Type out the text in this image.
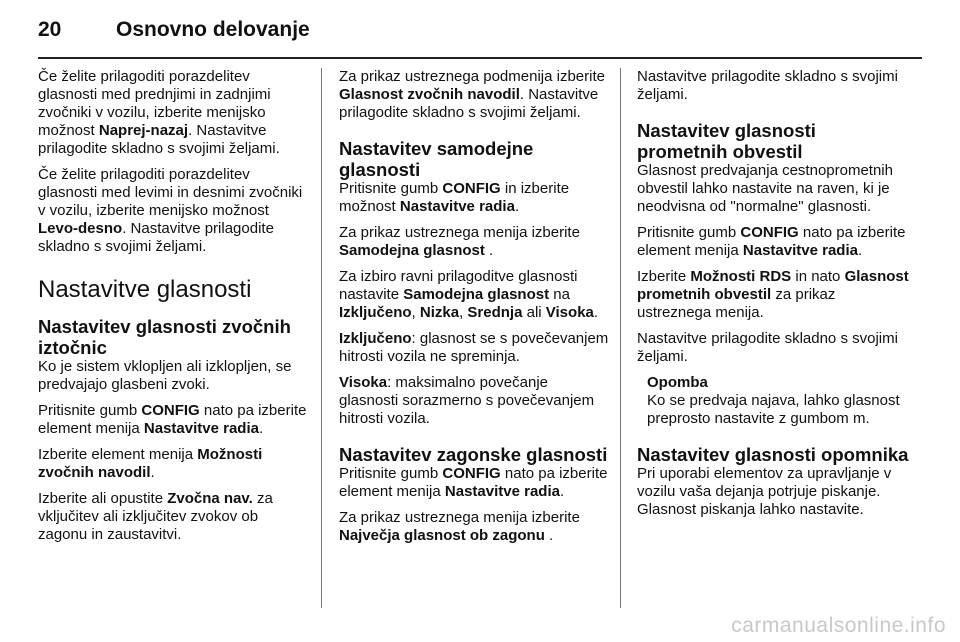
20	Osnovno delovanje

Če želite prilagoditi porazdelitev glasnosti med prednjimi in zadnjimi zvočniki v vozilu, izberite menijsko možnost Naprej-nazaj. Nastavitve prilagodite skladno s svojimi željami.

Če želite prilagoditi porazdelitev glasnosti med levimi in desnimi zvočniki v vozilu, izberite menijsko možnost Levo-desno. Nastavitve prilagodite skladno s svojimi željami.

Nastavitve glasnosti
Nastavitev glasnosti zvočnih iztočnic

Ko je sistem vklopljen ali izklopljen, se predvajajo glasbeni zvoki.

Pritisnite gumb CONFIG nato pa izberite element menija Nastavitve radia.

Izberite element menija Možnosti zvočnih navodil.

Izberite ali opustite Zvočna nav. za vključitev ali izključitev zvokov ob zagonu in zaustavitvi.

Za prikaz ustreznega podmenija izberite Glasnost zvočnih navodil. Nastavitve prilagodite skladno s svojimi željami.

Nastavitev samodejne glasnosti

Pritisnite gumb CONFIG in izberite možnost Nastavitve radia.

Za prikaz ustreznega menija izberite Samodejna glasnost .

Za izbiro ravni prilagoditve glasnosti nastavite Samodejna glasnost na Izključeno, Nizka, Srednja ali Visoka.

Izključeno: glasnost se s povečevanjem hitrosti vozila ne spreminja.

Visoka: maksimalno povečanje glasnosti sorazmerno s povečevanjem hitrosti vozila.

Nastavitev zagonske glasnosti

Pritisnite gumb CONFIG nato pa izberite element menija Nastavitve radia.

Za prikaz ustreznega menija izberite Največja glasnost ob zagonu .

Nastavitve prilagodite skladno s svojimi željami.

Nastavitev glasnosti prometnih obvestil

Glasnost predvajanja cestnoprometnih obvestil lahko nastavite na raven, ki je neodvisna od "normalne" glasnosti.

Pritisnite gumb CONFIG nato pa izberite element menija Nastavitve radia.

Izberite Možnosti RDS in nato Glasnost prometnih obvestil za prikaz ustreznega menija.

Nastavitve prilagodite skladno s svojimi željami.

Opomba

Ko se predvaja najava, lahko glasnost preprosto nastavite z gumbom m.

Nastavitev glasnosti opomnika

Pri uporabi elementov za upravljanje v vozilu vaša dejanja potrjuje piskanje. Glasnost piskanja lahko nastavite.

carmanualsonline.info
